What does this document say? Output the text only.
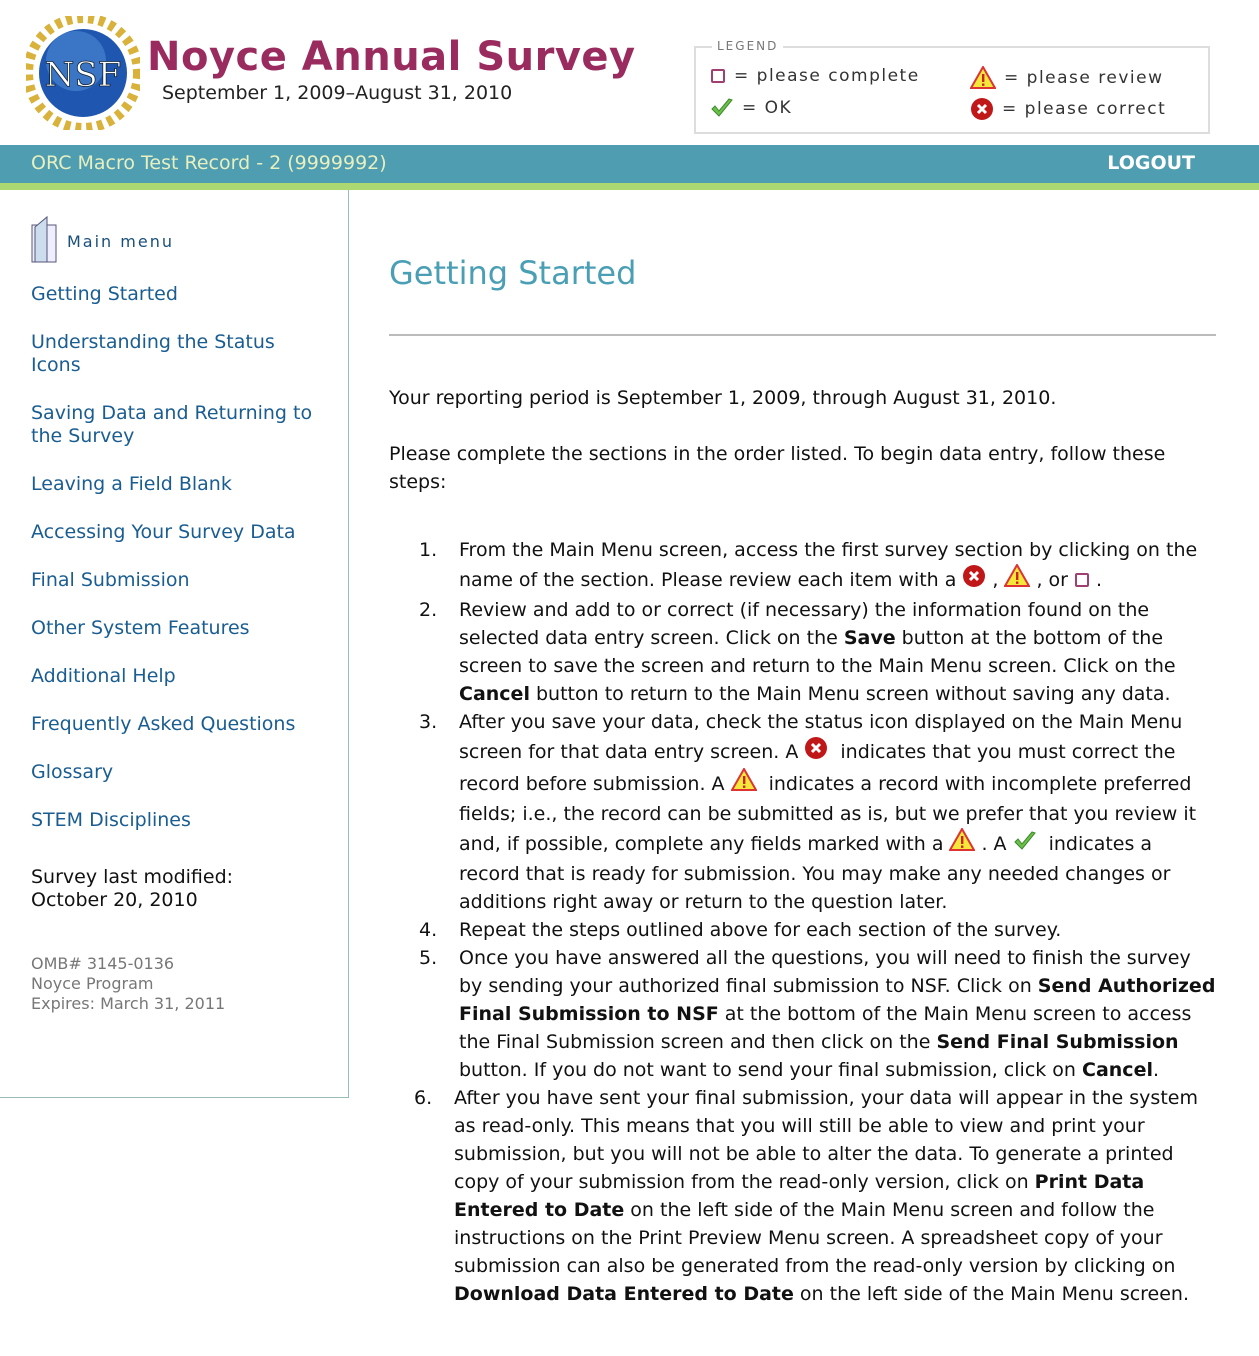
NSF Noyce Annual Survey
September 1, 2009–August 31, 2010
LEGEND
= please complete	= please review
= OK	= please correct
ORC Macro Test Record - 2 (9999992)	LOGOUT
Main menu
Getting Started
Understanding the Status Icons
Saving Data and Returning to the Survey
Leaving a Field Blank
Accessing Your Survey Data
Final Submission
Other System Features
Additional Help
Frequently Asked Questions
Glossary
STEM Disciplines
Survey last modified:
October 20, 2010
OMB# 3145-0136
Noyce Program
Expires: March 31, 2011
Getting Started

Your reporting period is September 1, 2009, through August 31, 2010.

Please complete the sections in the order listed. To begin data entry, follow these steps:

1.	From the Main Menu screen, access the first survey section by clicking on the name of the section. Please review each item with a , , or .
2.	Review and add to or correct (if necessary) the information found on the selected data entry screen. Click on the Save button at the bottom of the screen to save the screen and return to the Main Menu screen. Click on the Cancel button to return to the Main Menu screen without saving any data.
3.	After you save your data, check the status icon displayed on the Main Menu screen for that data entry screen. A indicates that you must correct the record before submission. A indicates a record with incomplete preferred fields; i.e., the record can be submitted as is, but we prefer that you review it and, if possible, complete any fields marked with a . A indicates a record that is ready for submission. You may make any needed changes or additions right away or return to the question later.
4.	Repeat the steps outlined above for each section of the survey.
5.	Once you have answered all the questions, you will need to finish the survey by sending your authorized final submission to NSF. Click on Send Authorized Final Submission to NSF at the bottom of the Main Menu screen to access the Final Submission screen and then click on the Send Final Submission button. If you do not want to send your final submission, click on Cancel.
6.	After you have sent your final submission, your data will appear in the system as read-only. This means that you will still be able to view and print your submission, but you will not be able to alter the data. To generate a printed copy of your submission from the read-only version, click on Print Data Entered to Date on the left side of the Main Menu screen and follow the instructions on the Print Preview Menu screen. A spreadsheet copy of your submission can also be generated from the read-only version by clicking on Download Data Entered to Date on the left side of the Main Menu screen.
